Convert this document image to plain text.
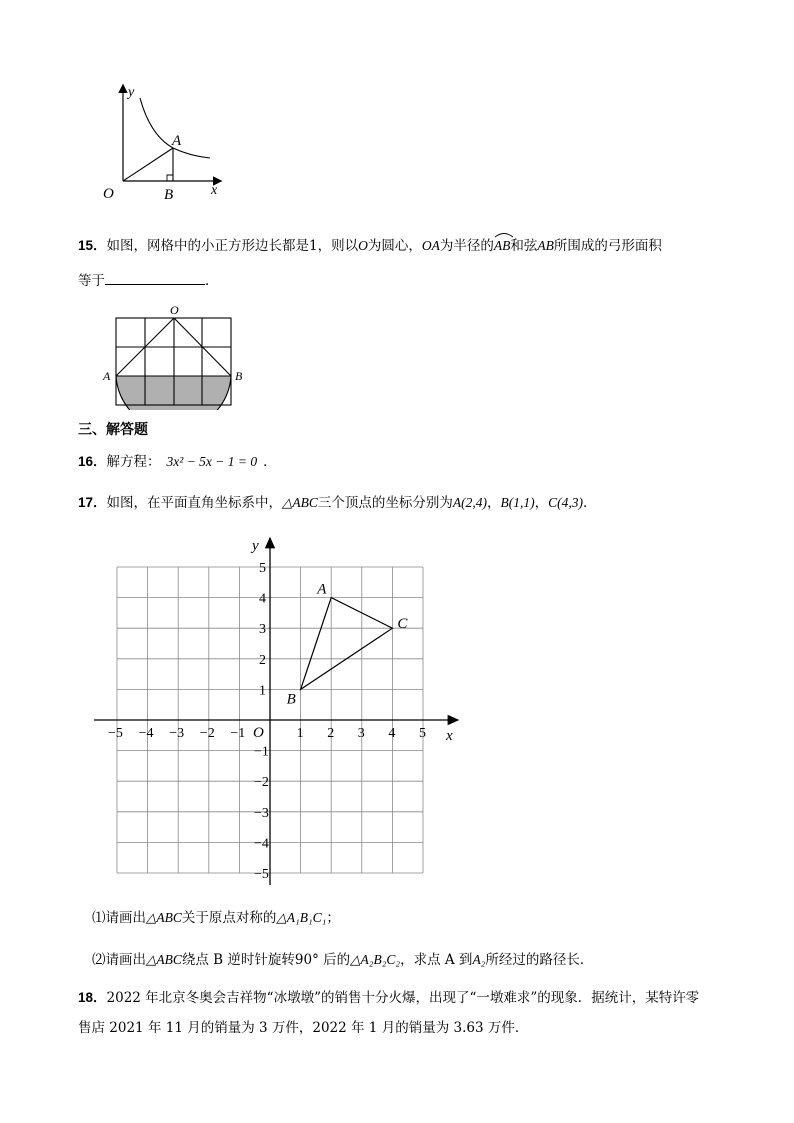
y
x
O
A
B
15．如图，网格中的小正方形边长都是1，则以O为圆心，OA为半径的
AB和弦AB所围成的弓形面积
等于	．
O
A	B
三、解答题
16．解方程： 3x² − 5x − 1 = 0 ．
17．如图，在平面直角坐标系中，△ABC三个顶点的坐标分别为A(2,4)，B(1,1)，C(4,3)．
x
y
O
−5 −4 −3 −2 −1	1 2 3 4 5
5
4
3
2
1
−1
−2
−3
−4
−5
A
B
C
⑴请画出△ABC关于原点对称的△A₁B₁C₁；
⑵请画出△ABC绕点 B 逆时针旋转90° 后的△A₂B₂C₂，求点 A 到A₂所经过的路径长．
18．2022 年北京冬奥会吉祥物“冰墩墩”的销售十分火爆，出现了“一墩难求”的现象．据统计，某特许零
售店 2021 年 11 月的销量为 3 万件，2022 年 1 月的销量为 3.63 万件．
